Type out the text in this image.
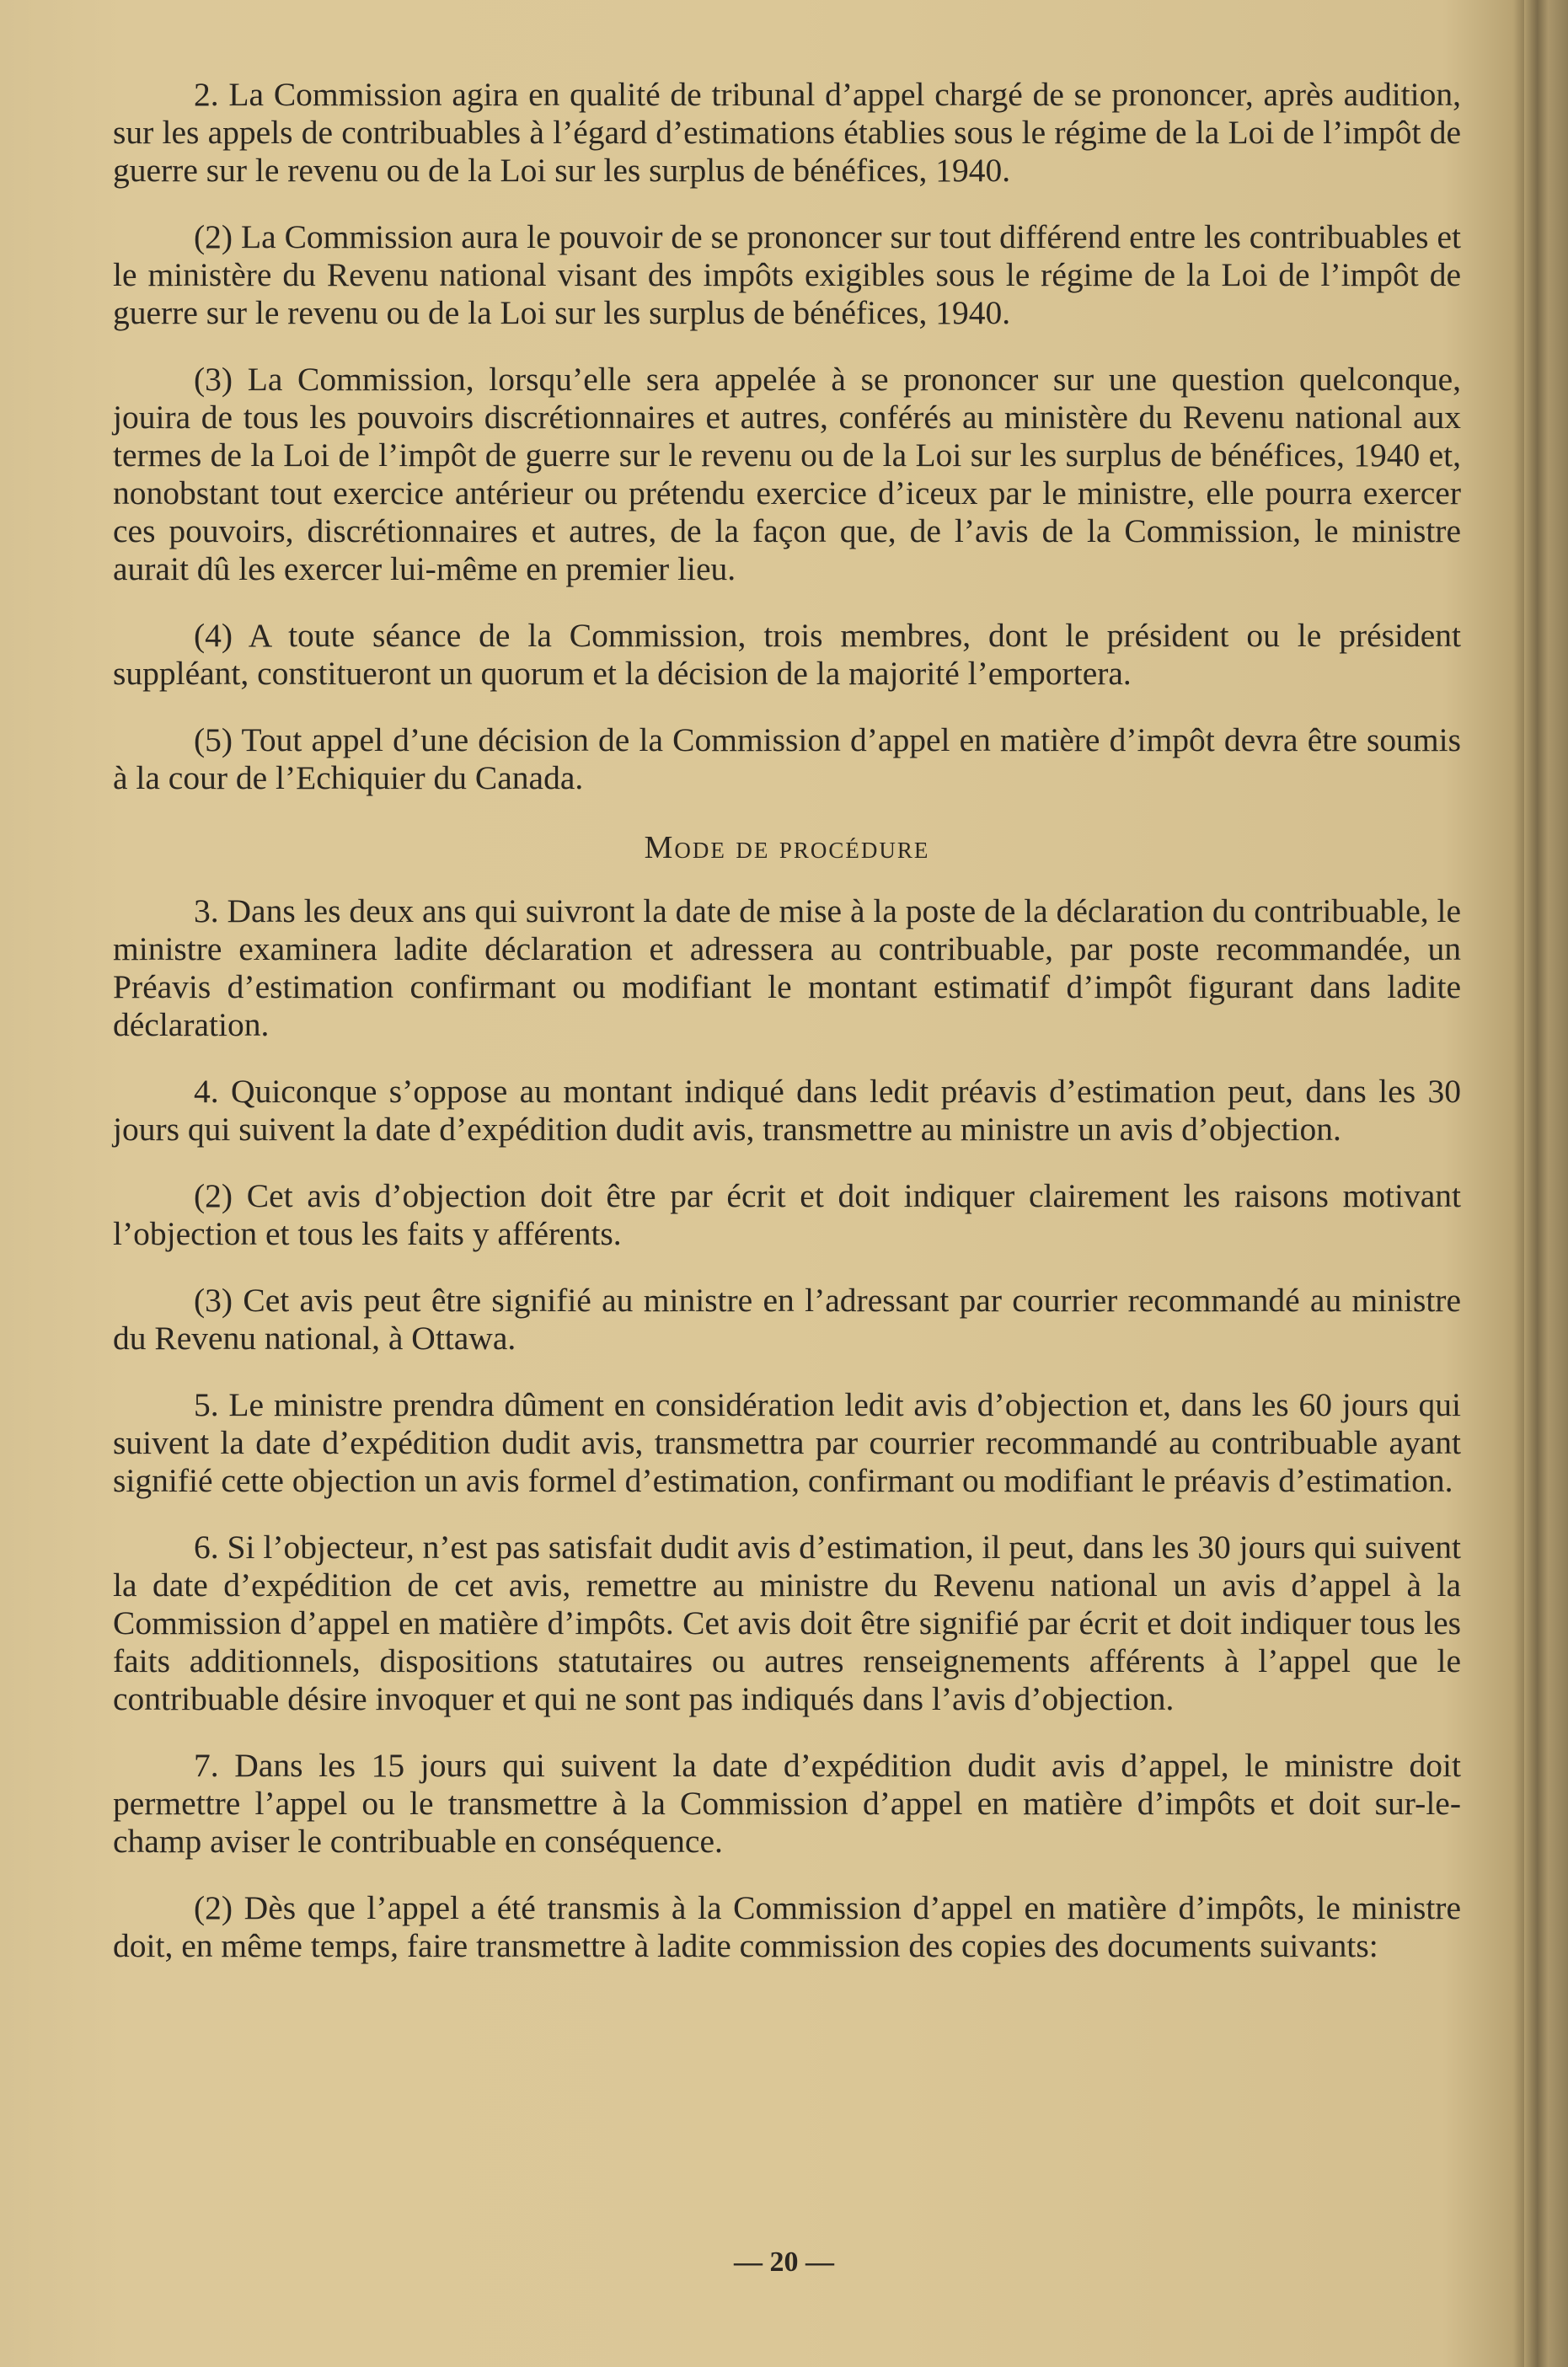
2. La Commission agira en qualité de tribunal d’appel chargé de se prononcer, après audition, sur les appels de contribuables à l’égard d’estimations établies sous le régime de la Loi de l’impôt de guerre sur le revenu ou de la Loi sur les surplus de bénéfices, 1940.

(2) La Commission aura le pouvoir de se prononcer sur tout différend entre les contribuables et le ministère du Revenu national visant des impôts exigibles sous le régime de la Loi de l’impôt de guerre sur le revenu ou de la Loi sur les surplus de bénéfices, 1940.

(3) La Commission, lorsqu’elle sera appelée à se prononcer sur une question quelconque, jouira de tous les pouvoirs discrétionnaires et autres, conférés au ministère du Revenu national aux termes de la Loi de l’impôt de guerre sur le revenu ou de la Loi sur les surplus de bénéfices, 1940 et, nonobstant tout exercice antérieur ou prétendu exercice d’iceux par le ministre, elle pourra exercer ces pouvoirs, discrétionnaires et autres, de la façon que, de l’avis de la Commission, le ministre aurait dû les exercer lui-même en premier lieu.

(4) A toute séance de la Commission, trois membres, dont le président ou le président suppléant, constitueront un quorum et la décision de la majorité l’emportera.

(5) Tout appel d’une décision de la Commission d’appel en matière d’impôt devra être soumis à la cour de l’Echiquier du Canada.

Mode de procédure

3. Dans les deux ans qui suivront la date de mise à la poste de la déclaration du contribuable, le ministre examinera ladite déclaration et adressera au contribuable, par poste recommandée, un Préavis d’estimation confirmant ou modifiant le montant estimatif d’impôt figurant dans ladite déclaration.

4. Quiconque s’oppose au montant indiqué dans ledit préavis d’estimation peut, dans les 30 jours qui suivent la date d’expédition dudit avis, transmettre au ministre un avis d’objection.

(2) Cet avis d’objection doit être par écrit et doit indiquer clairement les raisons motivant l’objection et tous les faits y afférents.

(3) Cet avis peut être signifié au ministre en l’adressant par courrier recommandé au ministre du Revenu national, à Ottawa.

5. Le ministre prendra dûment en considération ledit avis d’objection et, dans les 60 jours qui suivent la date d’expédition dudit avis, transmettra par courrier recommandé au contribuable ayant signifié cette objection un avis formel d’estimation, confirmant ou modifiant le préavis d’estimation.

6. Si l’objecteur, n’est pas satisfait dudit avis d’estimation, il peut, dans les 30 jours qui suivent la date d’expédition de cet avis, remettre au ministre du Revenu national un avis d’appel à la Commission d’appel en matière d’impôts. Cet avis doit être signifié par écrit et doit indiquer tous les faits additionnels, dispositions statutaires ou autres renseignements afférents à l’appel que le contribuable désire invoquer et qui ne sont pas indiqués dans l’avis d’objection.

7. Dans les 15 jours qui suivent la date d’expédition dudit avis d’appel, le ministre doit permettre l’appel ou le transmettre à la Commission d’appel en matière d’impôts et doit sur-le-champ aviser le contribuable en conséquence.

(2) Dès que l’appel a été transmis à la Commission d’appel en matière d’impôts, le ministre doit, en même temps, faire transmettre à ladite commission des copies des documents suivants:

— 20 —
